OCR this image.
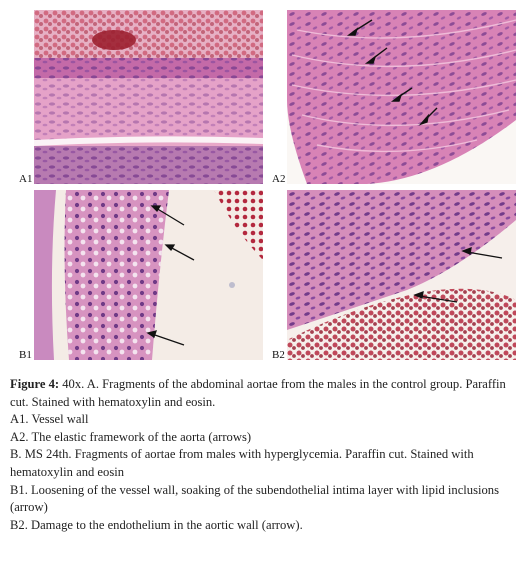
A1	A2
B1	B2

Figure 4: 40x. A. Fragments of the abdominal aortae from the males in the control group. Paraffin cut. Stained with hematoxylin and eosin.

A1. Vessel wall

A2. The elastic framework of the aorta (arrows)

B. MS 24th. Fragments of aortae from males with hyperglycemia. Paraffin cut. Stained with hematoxylin and eosin

B1. Loosening of the vessel wall, soaking of the subendothelial intima layer with lipid inclusions (arrow)

B2. Damage to the endothelium in the aortic wall (arrow).
